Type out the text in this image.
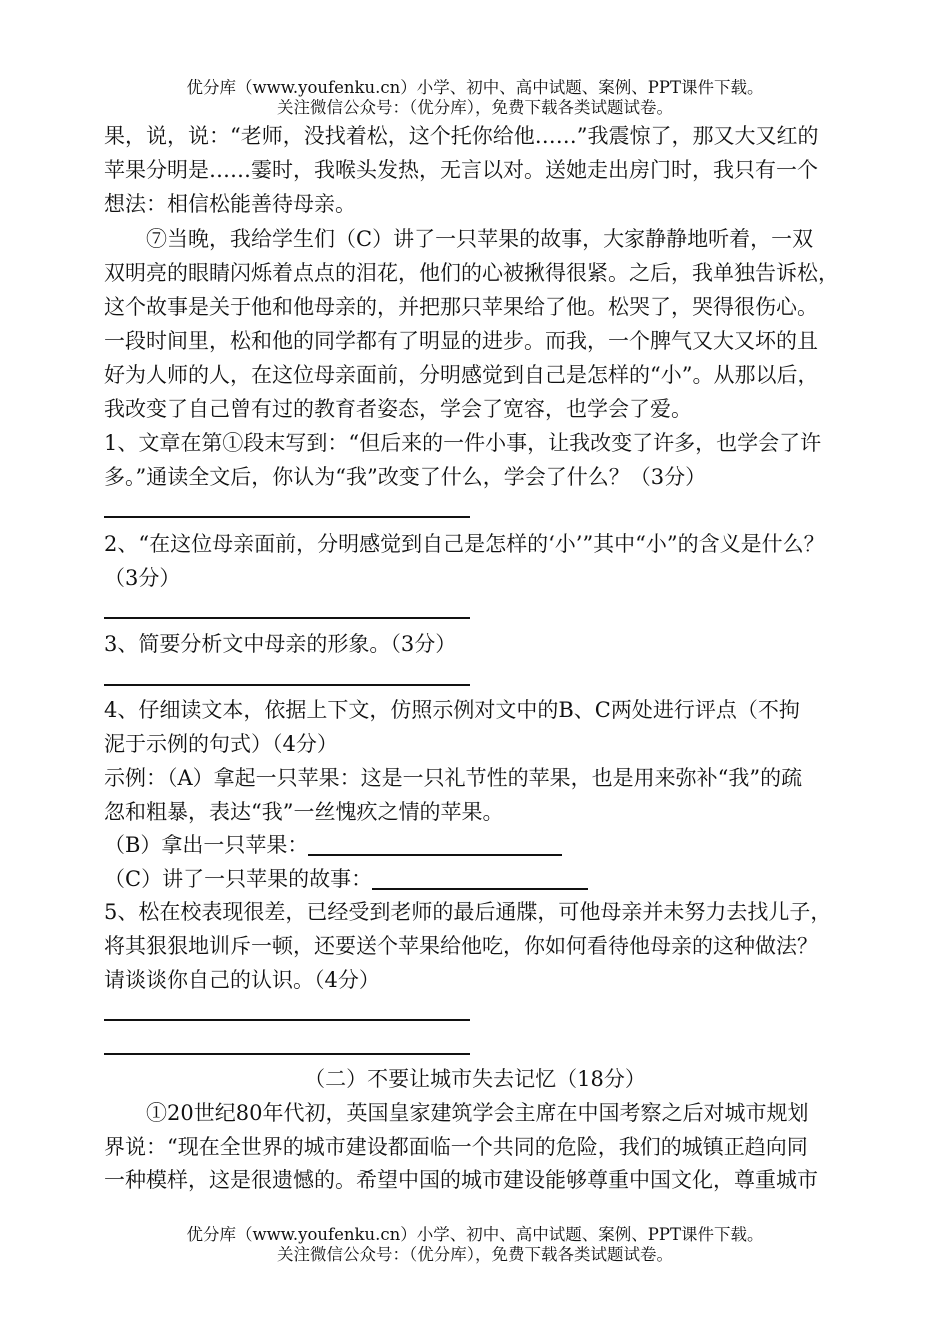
优分库（www.youfenku.cn）小学、初中、高中试题、案例、PPT课件下载。
关注微信公众号：（优分库），免费下载各类试题试卷。
果，说，说：“老师，没找着松，这个托你给他……”我震惊了，那又大又红的
苹果分明是……霎时，我喉头发热，无言以对。送她走出房门时，我只有一个
想法：相信松能善待母亲。
⑦当晚，我给学生们（C）讲了一只苹果的故事，大家静静地听着，一双
双明亮的眼睛闪烁着点点的泪花，他们的心被揪得很紧。之后，我单独告诉松，
这个故事是关于他和他母亲的，并把那只苹果给了他。松哭了，哭得很伤心。
一段时间里，松和他的同学都有了明显的进步。而我，一个脾气又大又坏的且
好为人师的人，在这位母亲面前，分明感觉到自己是怎样的“小”。从那以后，
我改变了自己曾有过的教育者姿态，学会了宽容，也学会了爱。
1、文章在第①段末写到：“但后来的一件小事，让我改变了许多，也学会了许
多。”通读全文后，你认为“我”改变了什么，学会了什么？（3分）
2、“在这位母亲面前，分明感觉到自己是怎样的‘小’”其中“小”的含义是什么？
（3分）
3、简要分析文中母亲的形象。（3分）
4、仔细读文本，依据上下文，仿照示例对文中的B、C两处进行评点（不拘
泥于示例的句式）（4分）
示例：（A）拿起一只苹果：这是一只礼节性的苹果，也是用来弥补“我”的疏
忽和粗暴，表达“我”一丝愧疚之情的苹果。
（B）拿出一只苹果：
（C）讲了一只苹果的故事：
5、松在校表现很差，已经受到老师的最后通牒，可他母亲并未努力去找儿子，
将其狠狠地训斥一顿，还要送个苹果给他吃，你如何看待他母亲的这种做法？
请谈谈你自己的认识。（4分）
（二）不要让城市失去记忆（18分）
①20世纪80年代初，英国皇家建筑学会主席在中国考察之后对城市规划
界说：“现在全世界的城市建设都面临一个共同的危险，我们的城镇正趋向同
一种模样，这是很遗憾的。希望中国的城市建设能够尊重中国文化，尊重城市
优分库（www.youfenku.cn）小学、初中、高中试题、案例、PPT课件下载。
关注微信公众号：（优分库），免费下载各类试题试卷。
